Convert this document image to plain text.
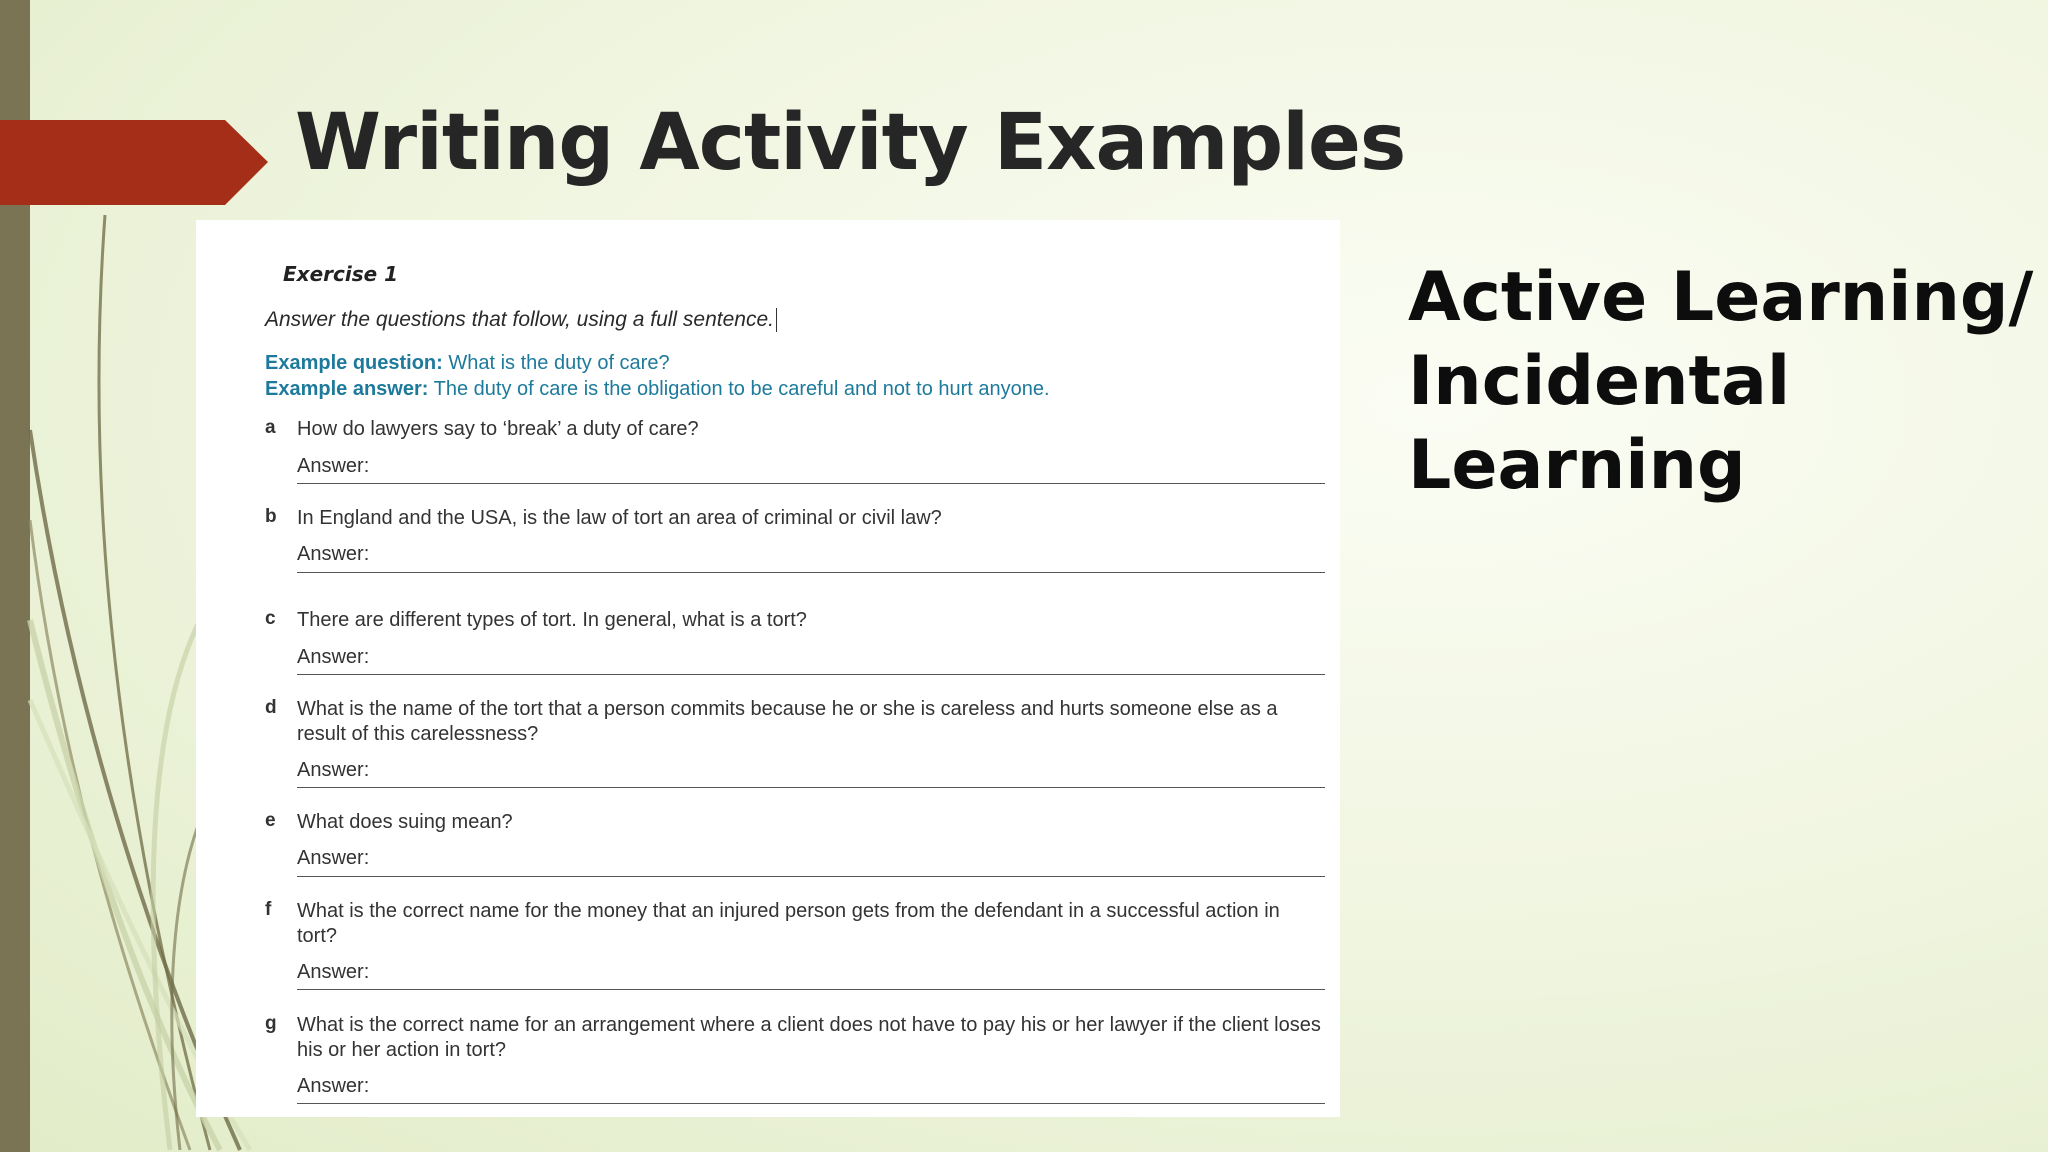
Writing Activity Examples
Active Learning/
Incidental
Learning
Exercise 1
Answer the questions that follow, using a full sentence.
Example question: What is the duty of care?
Example answer: The duty of care is the obligation to be careful and not to hurt anyone.
a How do lawyers say to ‘break’ a duty of care?
Answer:
b In England and the USA, is the law of tort an area of criminal or civil law?
Answer:
c There are different types of tort. In general, what is a tort?
Answer:
d What is the name of the tort that a person commits because he or she is careless and hurts someone else as a result of this carelessness?
Answer:
e What does suing mean?
Answer:
f What is the correct name for the money that an injured person gets from the defendant in a successful action in tort?
Answer:
g What is the correct name for an arrangement where a client does not have to pay his or her lawyer if the client loses his or her action in tort?
Answer:
